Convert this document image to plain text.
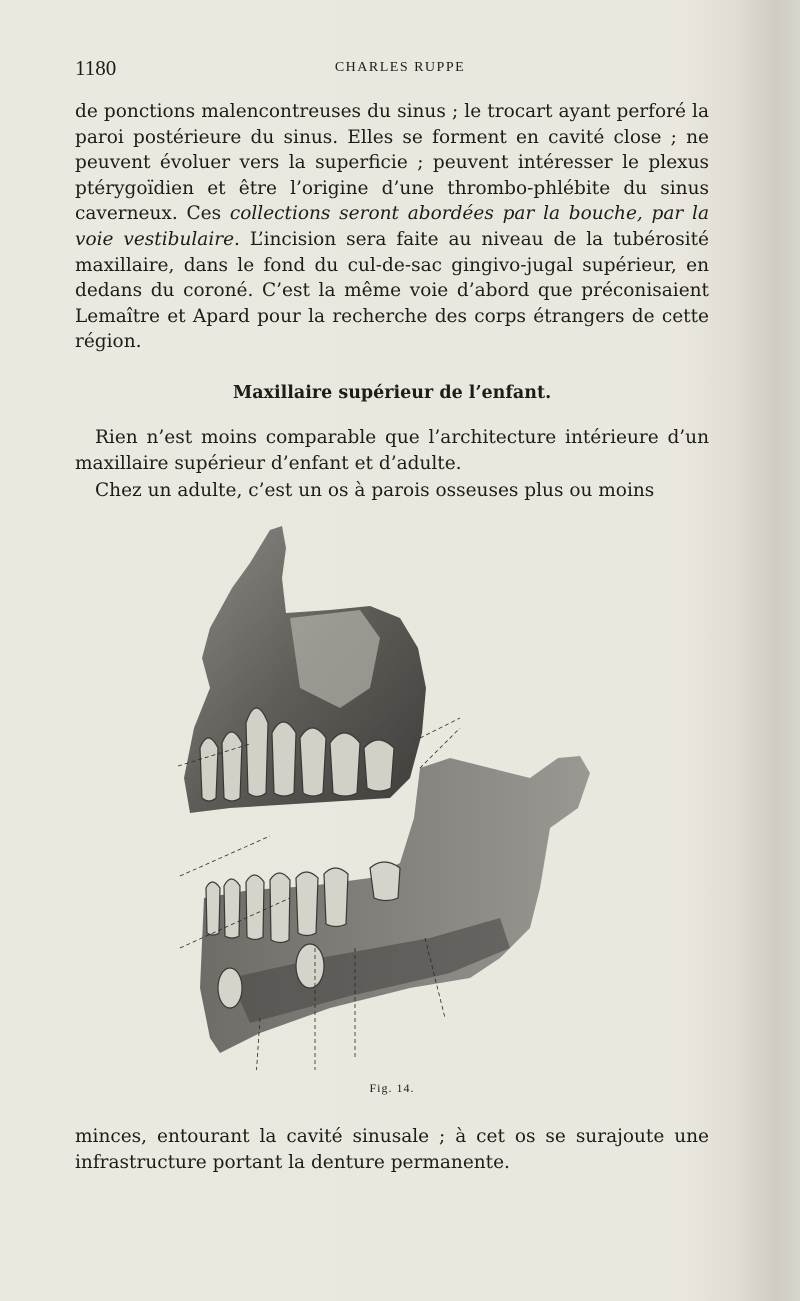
1180	CHARLES RUPPE

de ponctions malencontreuses du sinus ; le trocart ayant perforé la paroi postérieure du sinus. Elles se forment en cavité close ; ne peuvent évoluer vers la superficie ; peuvent intéresser le plexus ptérygoïdien et être l’origine d’une thrombo-phlébite du sinus caverneux. Ces collections seront abordées par la bouche, par la voie vestibulaire. L’incision sera faite au niveau de la tubérosité maxillaire, dans le fond du cul-de-sac gingivo-jugal supérieur, en dedans du coroné. C’est la même voie d’abord que préconisaient Lemaître et Apard pour la recherche des corps étrangers de cette région.

Maxillaire supérieur de l’enfant.

Rien n’est moins comparable que l’architecture intérieure d’un maxillaire supérieur d’enfant et d’adulte.

Chez un adulte, c’est un os à parois osseuses plus ou moins

Fig. 14.

minces, entourant la cavité sinusale ; à cet os se surajoute une infrastructure portant la denture permanente.
